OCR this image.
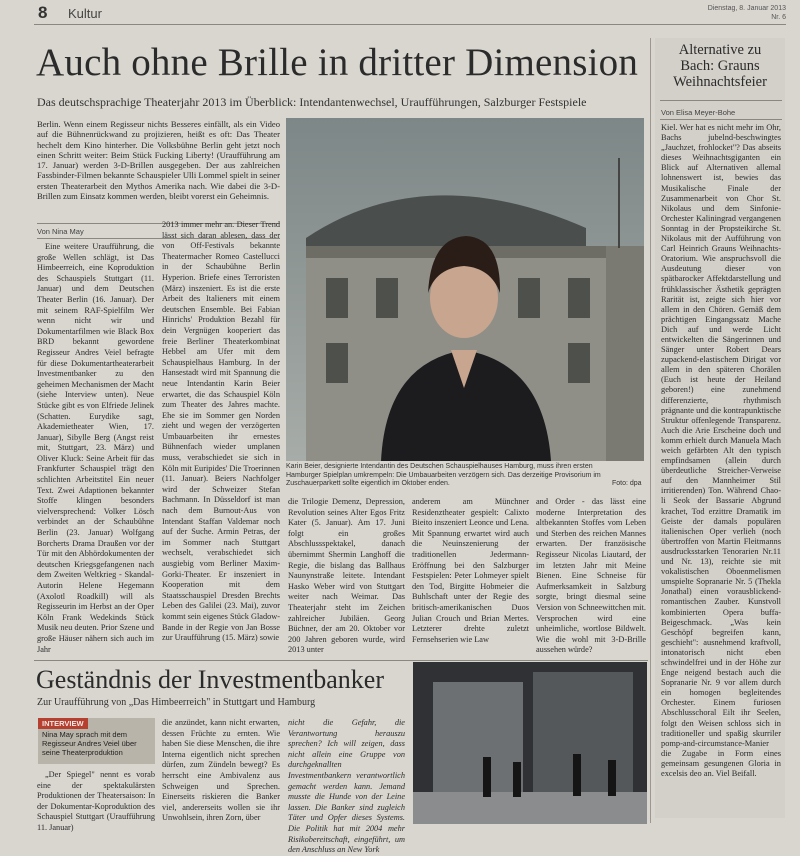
8 Kultur	Dienstag, 8. Januar 2013
Nr. 6
Auch ohne Brille in dritter Dimension
Das deutschsprachige Theaterjahr 2013 im Überblick: Intendantenwechsel, Uraufführungen, Salzburger Festspiele

Berlin. Wenn einem Regisseur nichts Besseres einfällt, als ein Video auf die Bühnenrückwand zu projizieren, heißt es oft: Das Theater hechelt dem Kino hinterher. Die Volksbühne Berlin geht jetzt noch einen Schritt weiter: Beim Stück Fucking Liberty! (Uraufführung am 17. Januar) werden 3-D-Brillen ausgegeben. Der aus zahlreichen Fassbinder-Filmen bekannte Schauspieler Ulli Lommel spielt in seiner ersten Theaterarbeit den Mythos Amerika nach. Wie dabei die 3-D-Brillen zum Einsatz kommen werden, bleibt vorerst ein Geheimnis.

Von Nina May
Karin Beier, designierte Intendantin des Deutschen Schauspielhauses Hamburg, muss ihren ersten Hamburger Spielplan umkrempeln: Die Umbauarbeiten verzögern sich. Das derzeitige Provisorium im Zuschauerparkett sollte eigentlich im Oktober enden.	Foto: dpa

Eine weitere Uraufführung, die große Wellen schlägt, ist Das Himbeerreich, eine Koproduktion des Schauspiels Stuttgart (11. Januar) und dem Deutschen Theater Berlin (16. Januar). Der mit seinem RAF-Spielfilm Wer wenn nicht wir und Dokumentarfilmen wie Black Box BRD bekannt gewordene Regisseur Andres Veiel befragte für diese Dokumentartheaterarbeit Investmentbanker zu den geheimen Mechanismen der Macht (siehe Interview unten). Neue Stücke gibt es von Elfriede Jelinek (Schatten. Eurydike sagt, Akademietheater Wien, 17. Januar), Sibylle Berg (Angst reist mit, Stuttgart, 23. März) und Oliver Kluck: Seine Arbeit für das Frankfurter Schauspiel trägt den schlichten Arbeitstitel Ein neuer Text. Zwei Adaptionen bekannter Stoffe klingen besonders vielversprechend: Volker Lösch verbindet an der Schaubühne Berlin (23. Januar) Wolfgang Borcherts Drama Draußen vor der Tür mit den Abhördokumenten der deutschen Kriegsgefangenen nach dem Zweiten Weltkrieg - Skandal-Autorin Helene Hegemann (Axolotl Roadkill) will als Regisseurin im Herbst an der Oper Köln Frank Wedekinds Stück Musik neu deuten. Prior Szene und große Häuser nähern sich auch im Jahr

2013 immer mehr an. Dieser Trend lässt sich daran ablesen, dass der von Off-Festivals bekannte Theatermacher Romeo Castellucci in der Schaubühne Berlin Hyperion. Briefe eines Terroristen (März) inszeniert. Es ist die erste Arbeit des Italieners mit einem deutschen Ensemble. Bei Fabian Hinrichs' Produktion Bezahl für dein Vergnügen kooperiert das freie Berliner Theaterkombinat Hebbel am Ufer mit dem Schauspielhaus Hamburg. In der Hansestadt wird mit Spannung die neue Intendantin Karin Beier erwartet, die das Schauspiel Köln zum Theater des Jahres machte. Ehe sie im Sommer gen Norden zieht und wegen der verzögerten Umbauarbeiten ihr ernestes Bühnenfach wieder umplanen muss, verabschiedet sie sich in Köln mit Euripides' Die Troerinnen (11. Januar). Beiers Nachfolger wird der Schweizer Stefan Bachmann. In Düsseldorf ist man nach dem Burnout-Aus von Intendant Staffan Valdemar noch auf der Suche. Armin Petras, der im Sommer nach Stuttgart wechselt, verabschiedet sich ausgiebig vom Berliner Maxim-Gorki-Theater. Er inszeniert in Kooperation mit dem Staatsschauspiel Dresden Brechts Leben des Galilei (23. Mai), zuvor kommt sein eigenes Stück Gladow-Bande in der Regie von Jan Bosse zur Uraufführung (15. März) sowie

die Trilogie Demenz, Depression, Revolution seines Alter Egos Fritz Kater (5. Januar). Am 17. Juni folgt ein großes Abschlussspektakel, danach übernimmt Shermin Langhoff die Regie, die bislang das Ballhaus Naunynstraße leitete. Intendant Hasko Weber wird von Stuttgart weiter nach Weimar. Das Theaterjahr steht im Zeichen zahlreicher Jubiläen. Georg Büchner, der am 20. Oktober vor 200 Jahren geboren wurde, wird 2013 unter

anderem am Münchner Residenztheater gespielt: Calixto Bieito inszeniert Leonce und Lena. Mit Spannung erwartet wird auch die Neuinszenierung der traditionellen Jedermann-Eröffnung bei den Salzburger Festspielen: Peter Lohmeyer spielt den Tod, Birgitte Hobmeier die Buhlschaft unter der Regie des britisch-amerikanischen Duos Julian Crouch und Brian Mertes. Letzterer drehte zuletzt Fernsehserien wie Law

and Order - das lässt eine moderne Interpretation des altbekannten Stoffes vom Leben und Sterben des reichen Mannes erwarten. Der französische Regisseur Nicolas Liautard, der im letzten Jahr mit Meine Bienen. Eine Schneise für Aufmerksamkeit in Salzburg sorgte, bringt diesmal seine Version von Schneewittchen mit. Versprochen wird eine unheimliche, wortlose Bildwelt. Wie die wohl mit 3-D-Brille aussehen würde?

Geständnis der Investmentbanker
Zur Uraufführung von „Das Himbeerreich" in Stuttgart und Hamburg
INTERVIEW
Nina May sprach mit dem Regisseur Andres Veiel über seine Theaterproduktion

„Der Spiegel" nennt es vorab eine der spektakulärsten Produktionen der Theatersaison: In der Dokumentar-Koproduktion des Schauspiel Stuttgart (Uraufführung 11. Januar)

die anzündet, kann nicht erwarten, dessen Früchte zu ernten. Wie haben Sie diese Menschen, die ihre Interna eigentlich nicht sprechen dürfen, zum Zündeln bewegt? Es herrscht eine Ambivalenz aus Schweigen und Sprechen. Einerseits riskieren die Banker viel, andererseits wollen sie ihr Unwohlsein, ihren Zorn, über

nicht die Gefahr, die Verantwortung herauszu sprechen? Ich will zeigen, dass nicht allein eine Gruppe von durchgeknallten Investmentbankern verantwortlich gemacht werden kann. Jemand musste die Hunde von der Leine lassen. Die Banker sind zugleich Täter und Opfer dieses Systems. Die Politik hat mit 2004 mehr Risikobereitschaft, eingeführt, um den Anschluss an New York

Alternative zu Bach: Grauns Weihnachtsfeier
Von Elisa Meyer-Bohe

Kiel. Wer hat es nicht mehr im Ohr, Bachs jubelnd-beschwingtes „Jauchzet, frohlocket"? Das abseits dieses Weihnachtsgiganten ein Blick auf Alternativen allemal lohnenswert ist, bewies das Musikalische Finale der Zusammenarbeit von Chor St. Nikolaus und dem Sinfonie-Orchester Kaliningrad vergangenen Sonntag in der Propsteikirche St. Nikolaus mit der Aufführung von Carl Heinrich Grauns Weihnachts-Oratorium. Wie anspruchsvoll die Ausdeutung dieser von spätbarocker Affektdarstellung und frühklassischer Ästhetik geprägten Rarität ist, zeigte sich hier vor allem in den Chören. Gemäß dem prächtigen Eingangssatz Mache Dich auf und werde Licht entwickelten die Sängerinnen und Sänger unter Robert Dears zupackend-elastischem Dirigat vor allem in den späteren Chorälen (Euch ist heute der Heiland geboren!) eine zunehmend differenzierte, rhythmisch prägnante und die kontrapunktische Struktur offenlegende Transparenz. Auch die Arie Erscheine doch und komm erhielt durch Manuela Mach weich gefärbten Alt den typisch empfindsamen (allein durch überdeutliche Streicher-Verweise auf den Mannheimer Stil irritierenden) Ton. Während Chao-li Seok der Bassarie Abgrund krachet, Tod erzittre Dramatik im Geiste der damals populären italienischen Oper verlieh (noch übertroffen von Martin Fleitmanns ausdrucksstarken Tenorarien Nr.11 und Nr. 13), reichte sie mit vokalistischen Oboenmelismen umspielte Sopranarie Nr. 5 (Thekla Jonathal) einen vorausblickend-romantischen Zauber. Kunstvoll kombinierten Opera buffa-Beigeschmack. „Was kein Geschöpf begreifen kann, geschieht": ausnehmend kraftvoll, intonatorisch nicht eben schwindelfrei und in der Höhe zur Enge neigend bestach auch die Sopranarie Nr. 9 vor allem durch ein homogen begleitendes Orchester. Einem furiosen Abschlusschoral Eilt ihr Seelen, folgt den Weisen schloss sich in traditioneller und spaßig skurriler pomp-and-circumstance-Manier die Zugabe in Form eines gemeinsam gesungenen Gloria in excelsis deo an. Viel Beifall.
